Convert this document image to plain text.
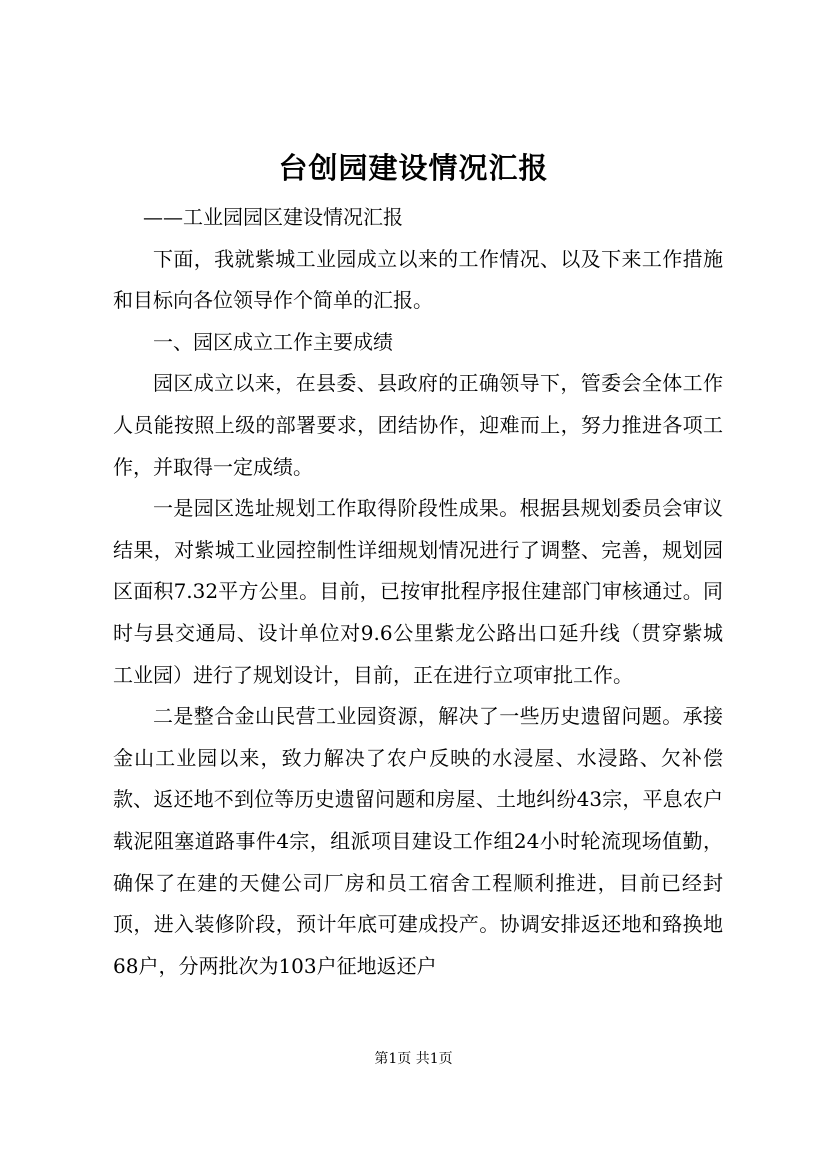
台创园建设情况汇报

——工业园园区建设情况汇报

下面，我就紫城工业园成立以来的工作情况、以及下来工作措施和目标向各位领导作个简单的汇报。

一、园区成立工作主要成绩

园区成立以来，在县委、县政府的正确领导下，管委会全体工作人员能按照上级的部署要求，团结协作，迎难而上，努力推进各项工作，并取得一定成绩。

一是园区选址规划工作取得阶段性成果。根据县规划委员会审议结果，对紫城工业园控制性详细规划情况进行了调整、完善，规划园区面积7.32平方公里。目前，已按审批程序报住建部门审核通过。同时与县交通局、设计单位对9.6公里紫龙公路出口延升线（贯穿紫城工业园）进行了规划设计，目前，正在进行立项审批工作。

二是整合金山民营工业园资源，解决了一些历史遗留问题。承接金山工业园以来，致力解决了农户反映的水浸屋、水浸路、欠补偿款、返还地不到位等历史遗留问题和房屋、土地纠纷43宗，平息农户载泥阻塞道路事件4宗，组派项目建设工作组24小时轮流现场值勤，确保了在建的天健公司厂房和员工宿舍工程顺利推进，目前已经封顶，进入装修阶段，预计年底可建成投产。协调安排返还地和臵换地68户，分两批次为103户征地返还户

第1页 共1页
